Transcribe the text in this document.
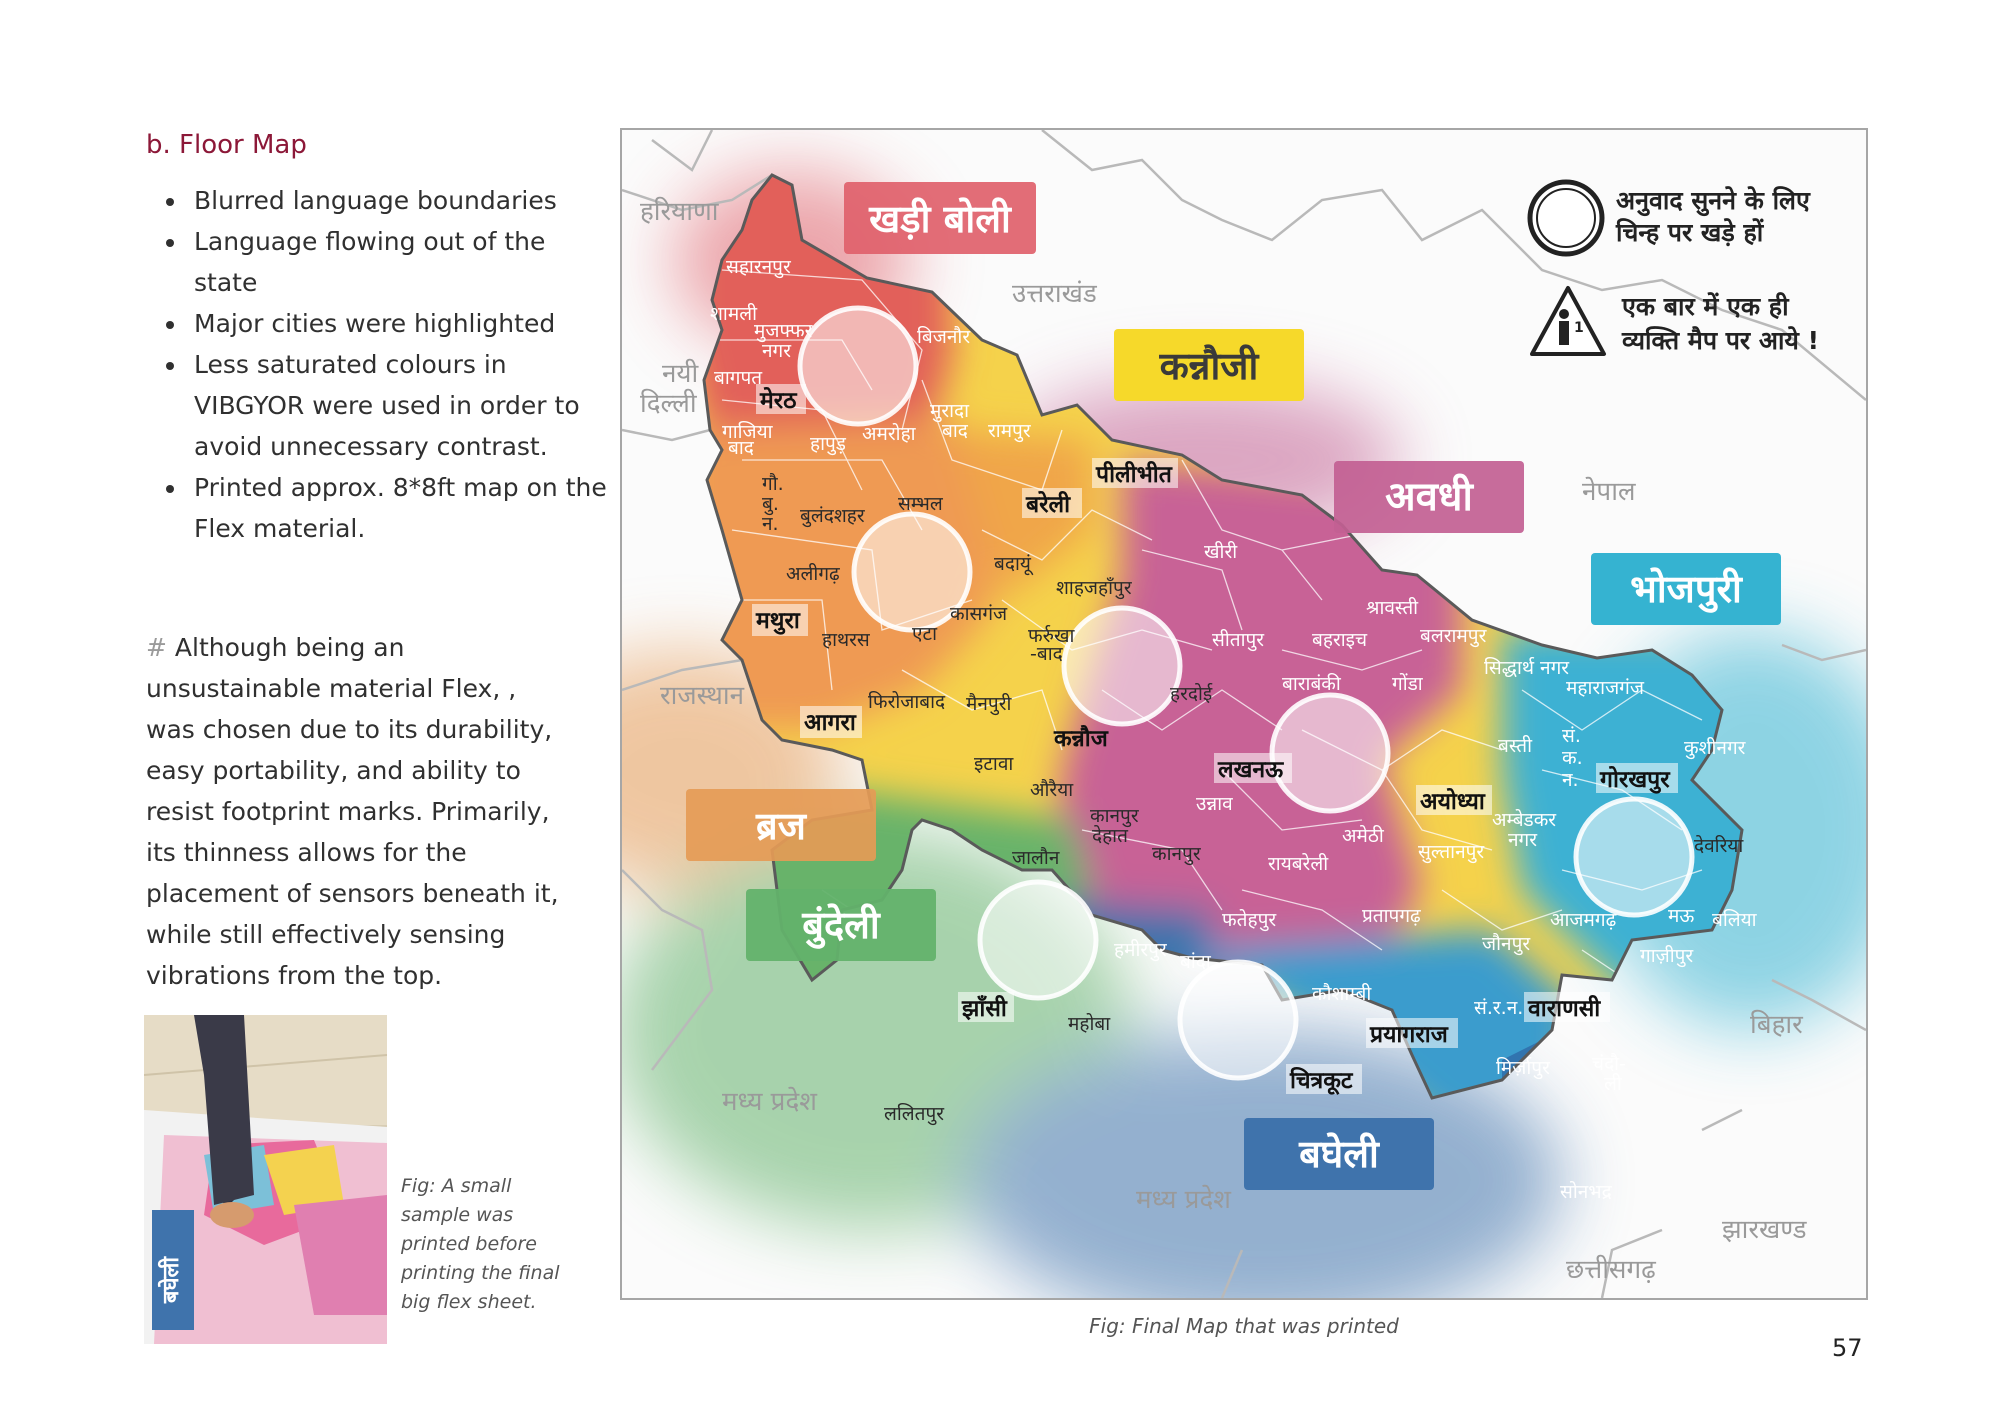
b. Floor Map
• Blurred language boundaries
• Language flowing out of the state
• Major cities were highlighted
• Less saturated colours in VIBGYOR were used in order to avoid unnecessary contrast.
• Printed approx. 8*8ft map on the Flex material.

# Although being an unsustainable material Flex, , was chosen due to its durability, easy portability, and ability to resist footprint marks. Primarily, its thinness allows for the placement of sensors beneath it, while still effectively sensing vibrations from the top.

बघेली
Fig: A small sample was printed before printing the final big flex sheet.
हरियाणा
उत्तराखंड
नयी
दिल्ली
नेपाल
राजस्थान
मध्य प्रदेश
मध्य प्रदेश
बिहार
झारखण्ड
छत्तीसगढ़
खड़ी बोली
कन्नौजी
अवधी
भोजपुरी
ब्रज
बुंदेली
बघेली
अनुवाद सुनने के लिए
चिन्ह पर खड़े हों
1
एक बार में एक ही
व्यक्ति मैप पर आये !
मेरठ
बरेली
पीलीभीत
मथुरा
आगरा
कन्नौज
लखनऊ
अयोध्या
गोरखपुर
वाराणसी
प्रयागराज
चित्रकूट
झाँसी
सहारनपुर
शामली
मुजफ्फर
नगर
बिजनौर
बागपत
गाजिया
बाद	हापुड़ अमरोहा
मुरादा
बाद रामपुर
गौ.
बु.
न. बुलंदशहर
सम्भल
अलीगढ़	बदायूं
शाहजहाँपुर
खीरी
श्रावस्ती
बलरामपुर
बहराइच
सीतापुर
सिद्धार्थ नगर
महाराजगंज
हाथरस एटा
कासगंज
फर्रुखा
-बाद
हरदोई	बाराबंकी	गोंडा
बस्ती सं.
क.
न.
कुशीनगर
फिरोजाबाद मैनपुरी
इटावा
औरैया
उन्नाव
कानपुर
देहात
कानपुर
अमेठी
अम्बेडकर
नगर
सुल्तानपुर	देवरिया
रायबरेली
जालौन
फतेहपुर	प्रतापगढ़	आजमगढ़	मऊ बलिया
जौनपुर
गाज़ीपुर
हमीरपुर
बांदा
कौशाम्बी
सं.र.न.
महोबा
मिर्ज़ापुर चंदौ-
ली
ललितपुर
सोनभद्र
Fig: Final Map that was printed
57
